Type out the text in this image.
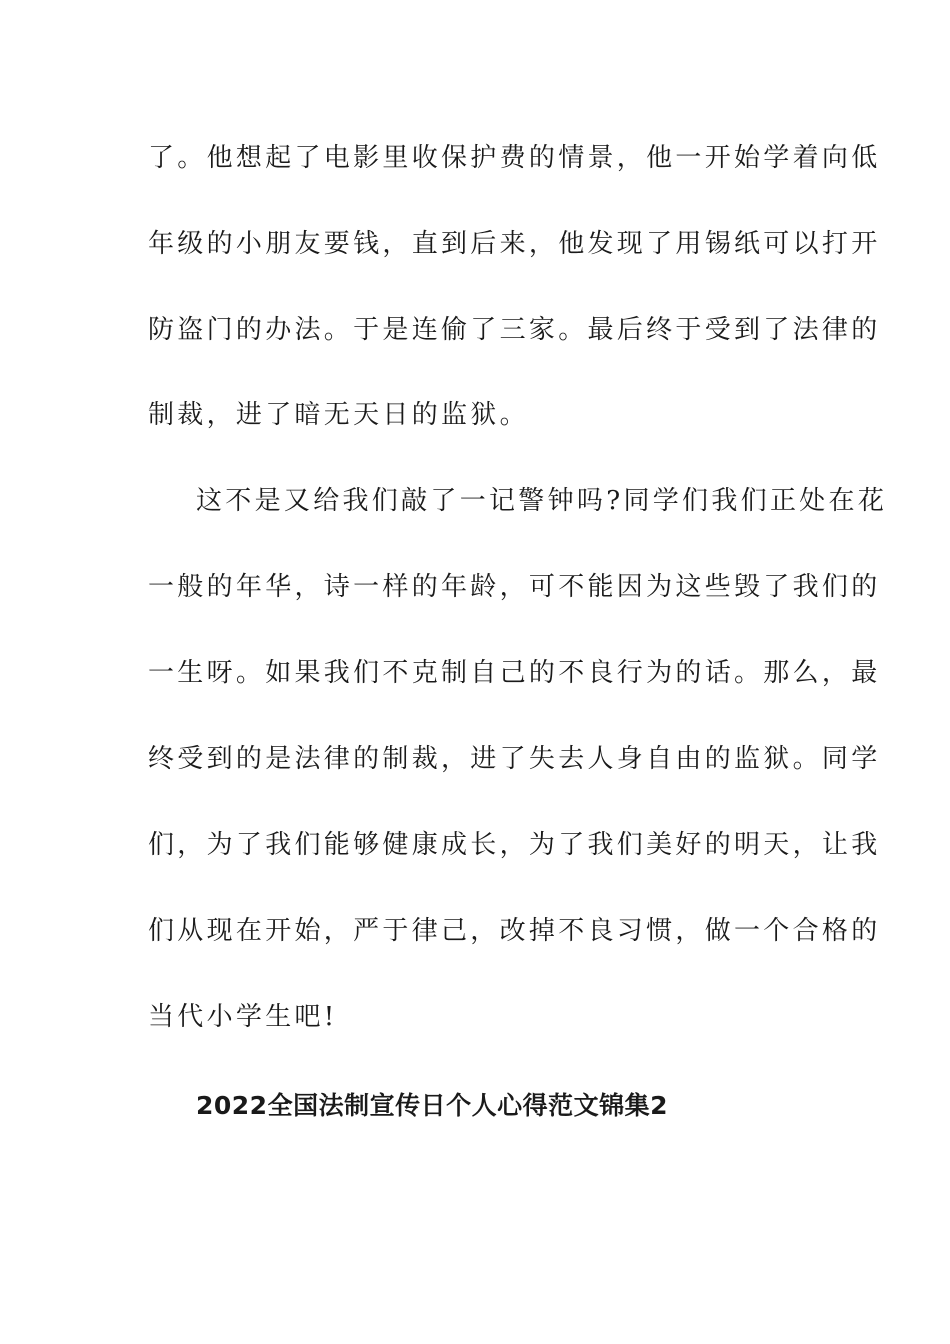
了。他想起了电影里收保护费的情景，他一开始学着向低
年级的小朋友要钱，直到后来，他发现了用锡纸可以打开
防盗门的办法。于是连偷了三家。最后终于受到了法律的
制裁，进了暗无天日的监狱。
这不是又给我们敲了一记警钟吗?同学们我们正处在花
一般的年华，诗一样的年龄，可不能因为这些毁了我们的
一生呀。如果我们不克制自己的不良行为的话。那么，最
终受到的是法律的制裁，进了失去人身自由的监狱。同学
们，为了我们能够健康成长，为了我们美好的明天，让我
们从现在开始，严于律己，改掉不良习惯，做一个合格的
当代小学生吧!
2022全国法制宣传日个人心得范文锦集2
